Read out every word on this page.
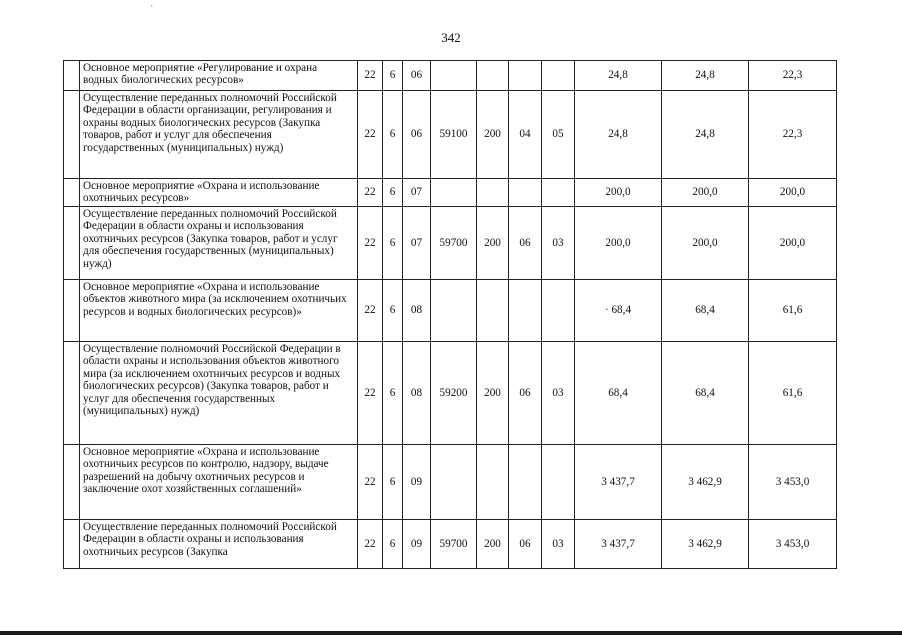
`
342
	Основное мероприятие «Регулирование и охрана водных биологических ресурсов»	22	6	06					24,8	24,8	22,3
	Осуществление переданных полномочий Российской Федерации в области организации, регулирования и охраны водных биологических ресурсов (Закупка товаров, работ и услуг для обеспечения государственных (муниципальных) нужд)	22	6	06	59100	200	04	05	24,8	24,8	22,3
	Основное мероприятие «Охрана и использование охотничьих ресурсов»	22	6	07					200,0	200,0	200,0
	Осуществление переданных полномочий Российской Федерации в области охраны и использования охотничьих ресурсов (Закупка товаров, работ и услуг для обеспечения государственных (муниципальных) нужд)	22	6	07	59700	200	06	03	200,0	200,0	200,0
	Основное мероприятие «Охрана и использование объектов животного мира (за исключением охотничьих ресурсов и водных биологических ресурсов)»	22	6	08					· 68,4	68,4	61,6
	Осуществление полномочий Российской Федерации в области охраны и использования объектов животного мира (за исключением охотничьих ресурсов и водных биологических ресурсов) (Закупка товаров, работ и услуг для обеспечения государственных (муниципальных) нужд)	22	6	08	59200	200	06	03	68,4	68,4	61,6
	Основное мероприятие «Охрана и использование охотничьих ресурсов по контролю, надзору, выдаче разрешений на добычу охотничьих ресурсов и заключение охот хозяйственных соглашений»	22	6	09					3 437,7	3 462,9	3 453,0
	Осуществление переданных полномочий Российской Федерации в области охраны и использования охотничьих ресурсов (Закупка	22	6	09	59700	200	06	03	3 437,7	3 462,9	3 453,0
